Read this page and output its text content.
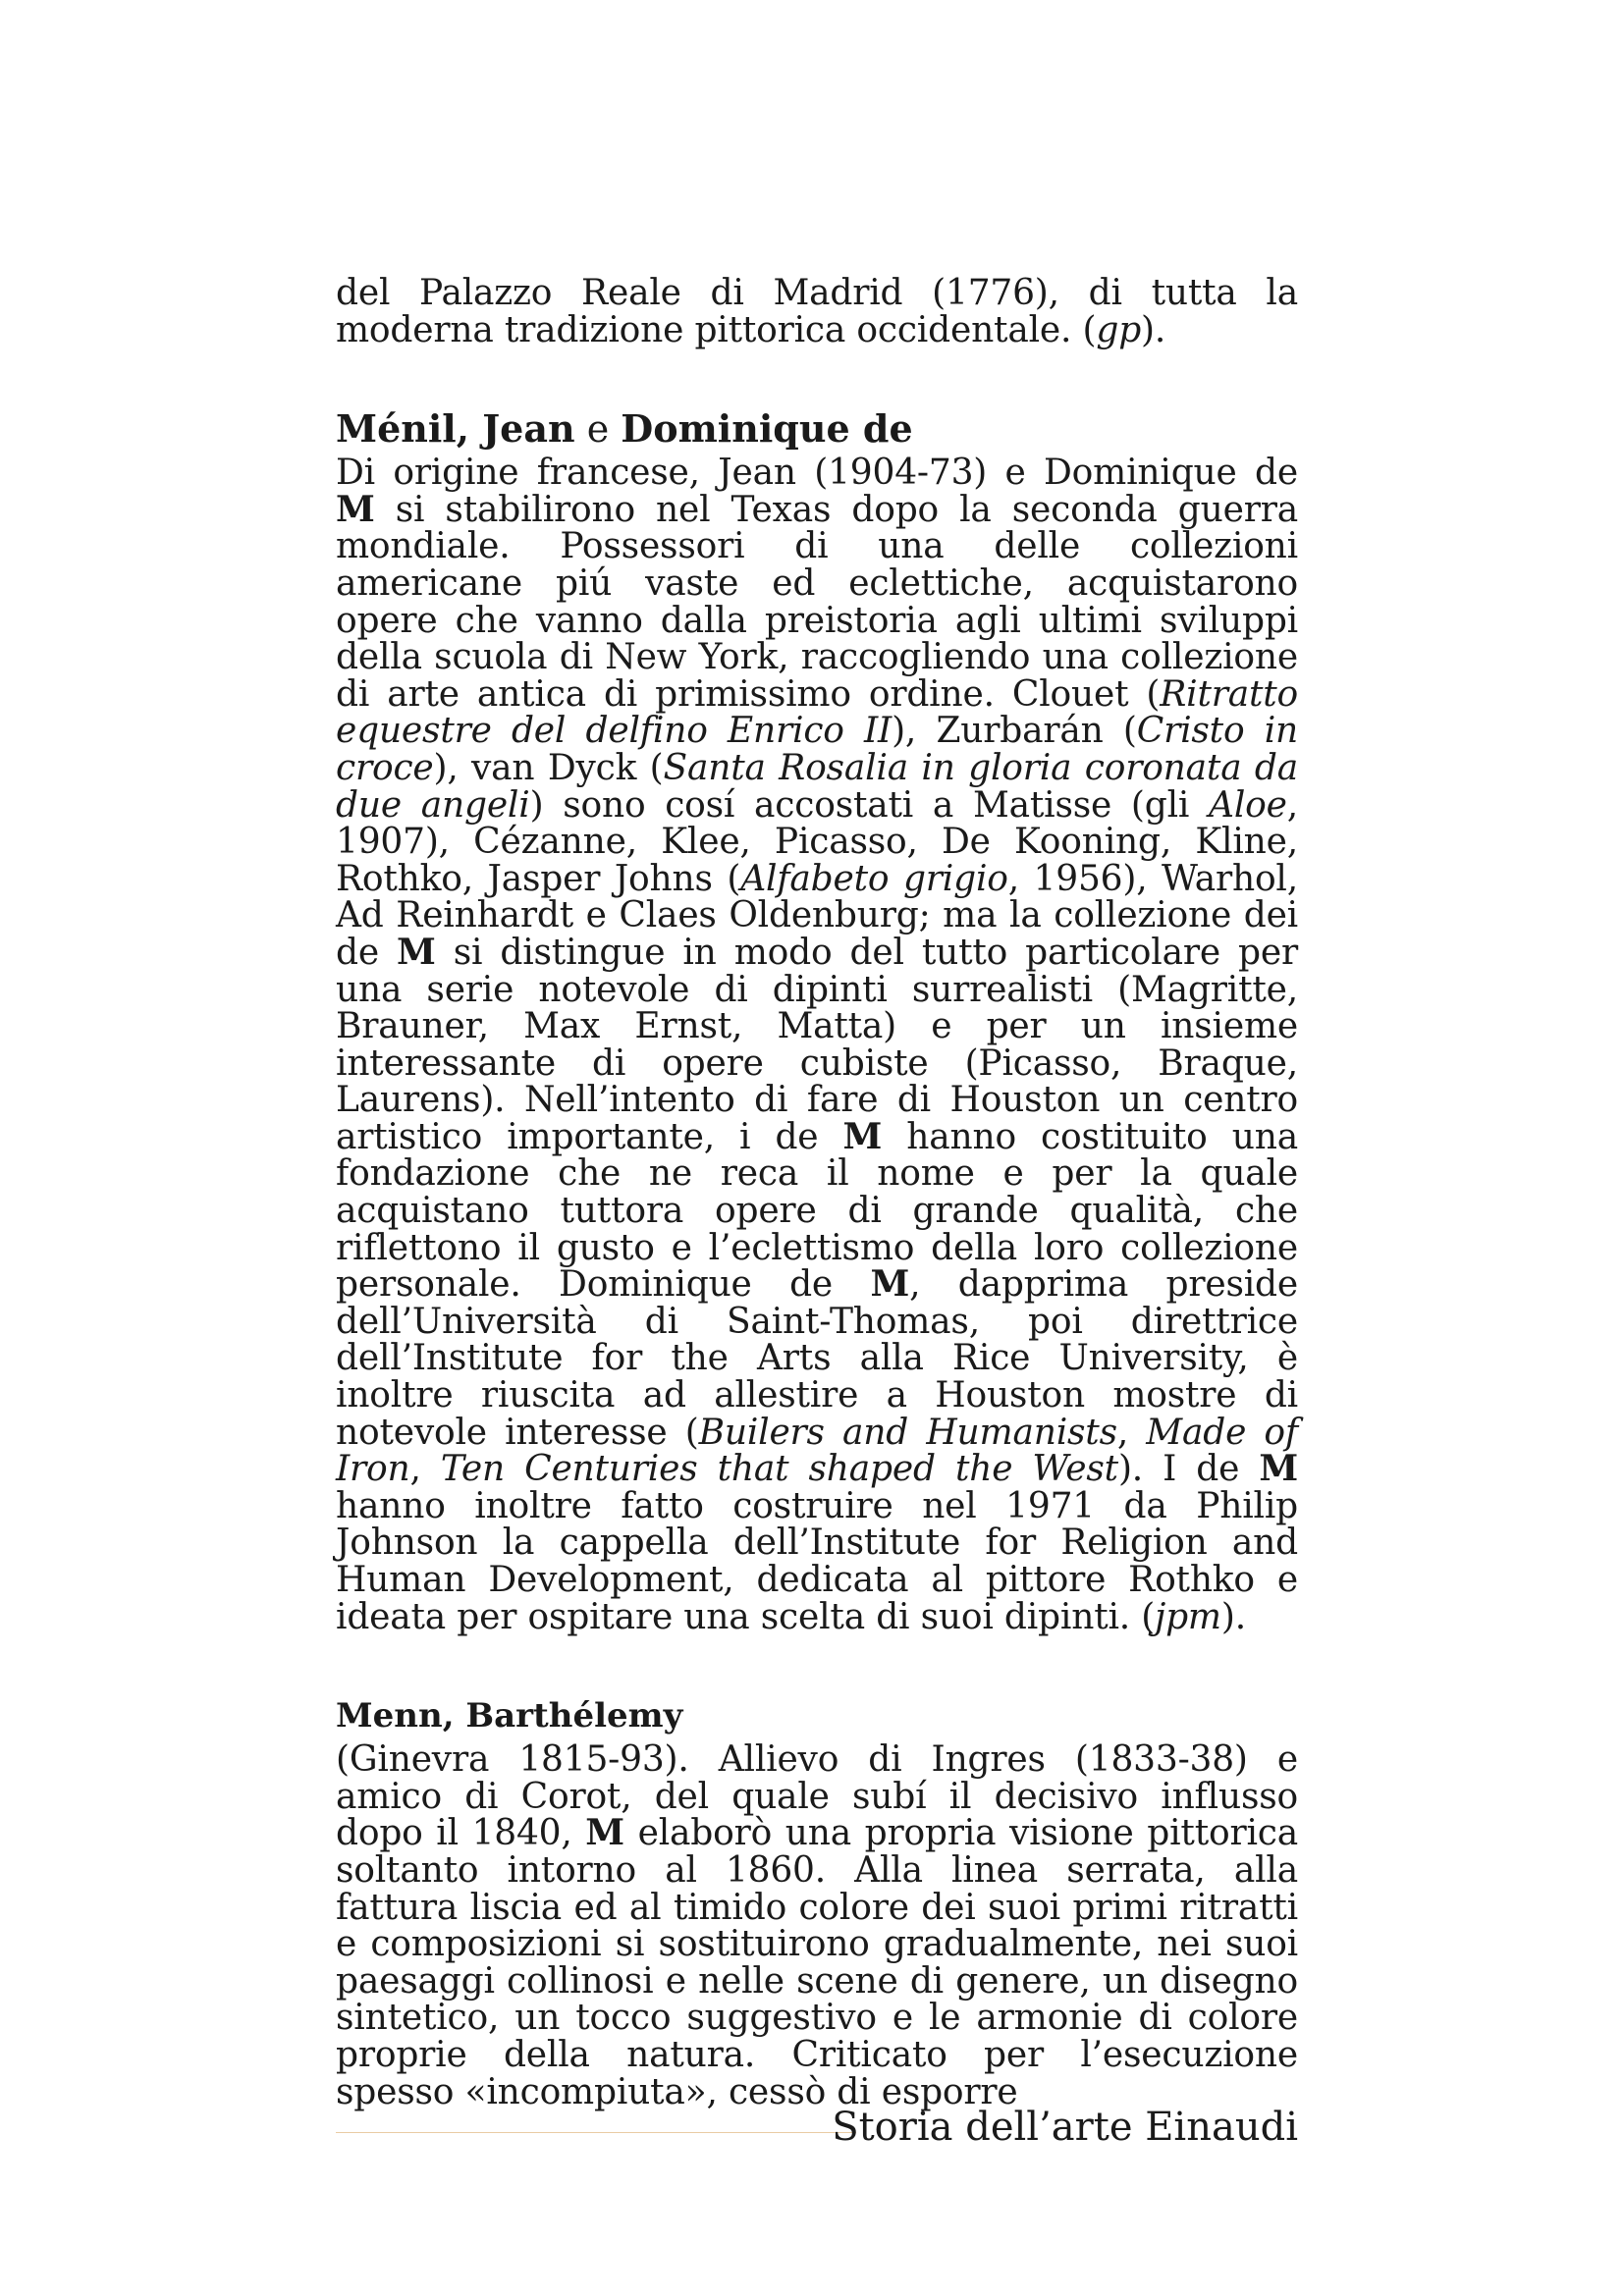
del Palazzo Reale di Madrid (1776), di tutta la moderna tradizione pittorica occidentale. (gp).

Ménil, Jean e Dominique de

Di origine francese, Jean (1904-73) e Dominique de M si stabilirono nel Texas dopo la seconda guerra mondiale. Possessori di una delle collezioni americane piú vaste ed eclettiche, acquistarono opere che vanno dalla preistoria agli ultimi sviluppi della scuola di New York, raccogliendo una collezione di arte antica di primissimo ordine. Clouet (Ritratto equestre del delfino Enrico II), Zurbarán (Cristo in croce), van Dyck (Santa Rosalia in gloria coronata da due angeli) sono cosí accostati a Matisse (gli Aloe, 1907), Cézanne, Klee, Picasso, De Kooning, Kline, Rothko, Jasper Johns (Alfabeto grigio, 1956), Warhol, Ad Reinhardt e Claes Oldenburg; ma la collezione dei de M si distingue in modo del tutto particolare per una serie notevole di dipinti surrealisti (Magritte, Brauner, Max Ernst, Matta) e per un insieme interessante di opere cubiste (Picasso, Braque, Laurens). Nell’intento di fare di Houston un centro artistico importante, i de M hanno costituito una fondazione che ne reca il nome e per la quale acquistano tuttora opere di grande qualità, che riflettono il gusto e l’eclettismo della loro collezione personale. Dominique de M, dapprima preside dell’Università di Saint-Thomas, poi direttrice dell’Institute for the Arts alla Rice University, è inoltre riuscita ad allestire a Houston mostre di notevole interesse (Builers and Humanists, Made of Iron, Ten Centuries that shaped the West). I de M hanno inoltre fatto costruire nel 1971 da Philip Johnson la cappella dell’Institute for Religion and Human Development, dedicata al pittore Rothko e ideata per ospitare una scelta di suoi dipinti. (jpm).

Menn, Barthélemy

(Ginevra 1815-93). Allievo di Ingres (1833-38) e amico di Corot, del quale subí il decisivo influsso dopo il 1840, M elaborò una propria visione pittorica soltanto intorno al 1860. Alla linea serrata, alla fattura liscia ed al timido colore dei suoi primi ritratti e composizioni si sostituirono gradualmente, nei suoi paesaggi collinosi e nelle scene di genere, un disegno sintetico, un tocco suggestivo e le armonie di colore proprie della natura. Criticato per l’esecuzione spesso «incompiuta», cessò di esporre

Storia dell’arte Einaudi
